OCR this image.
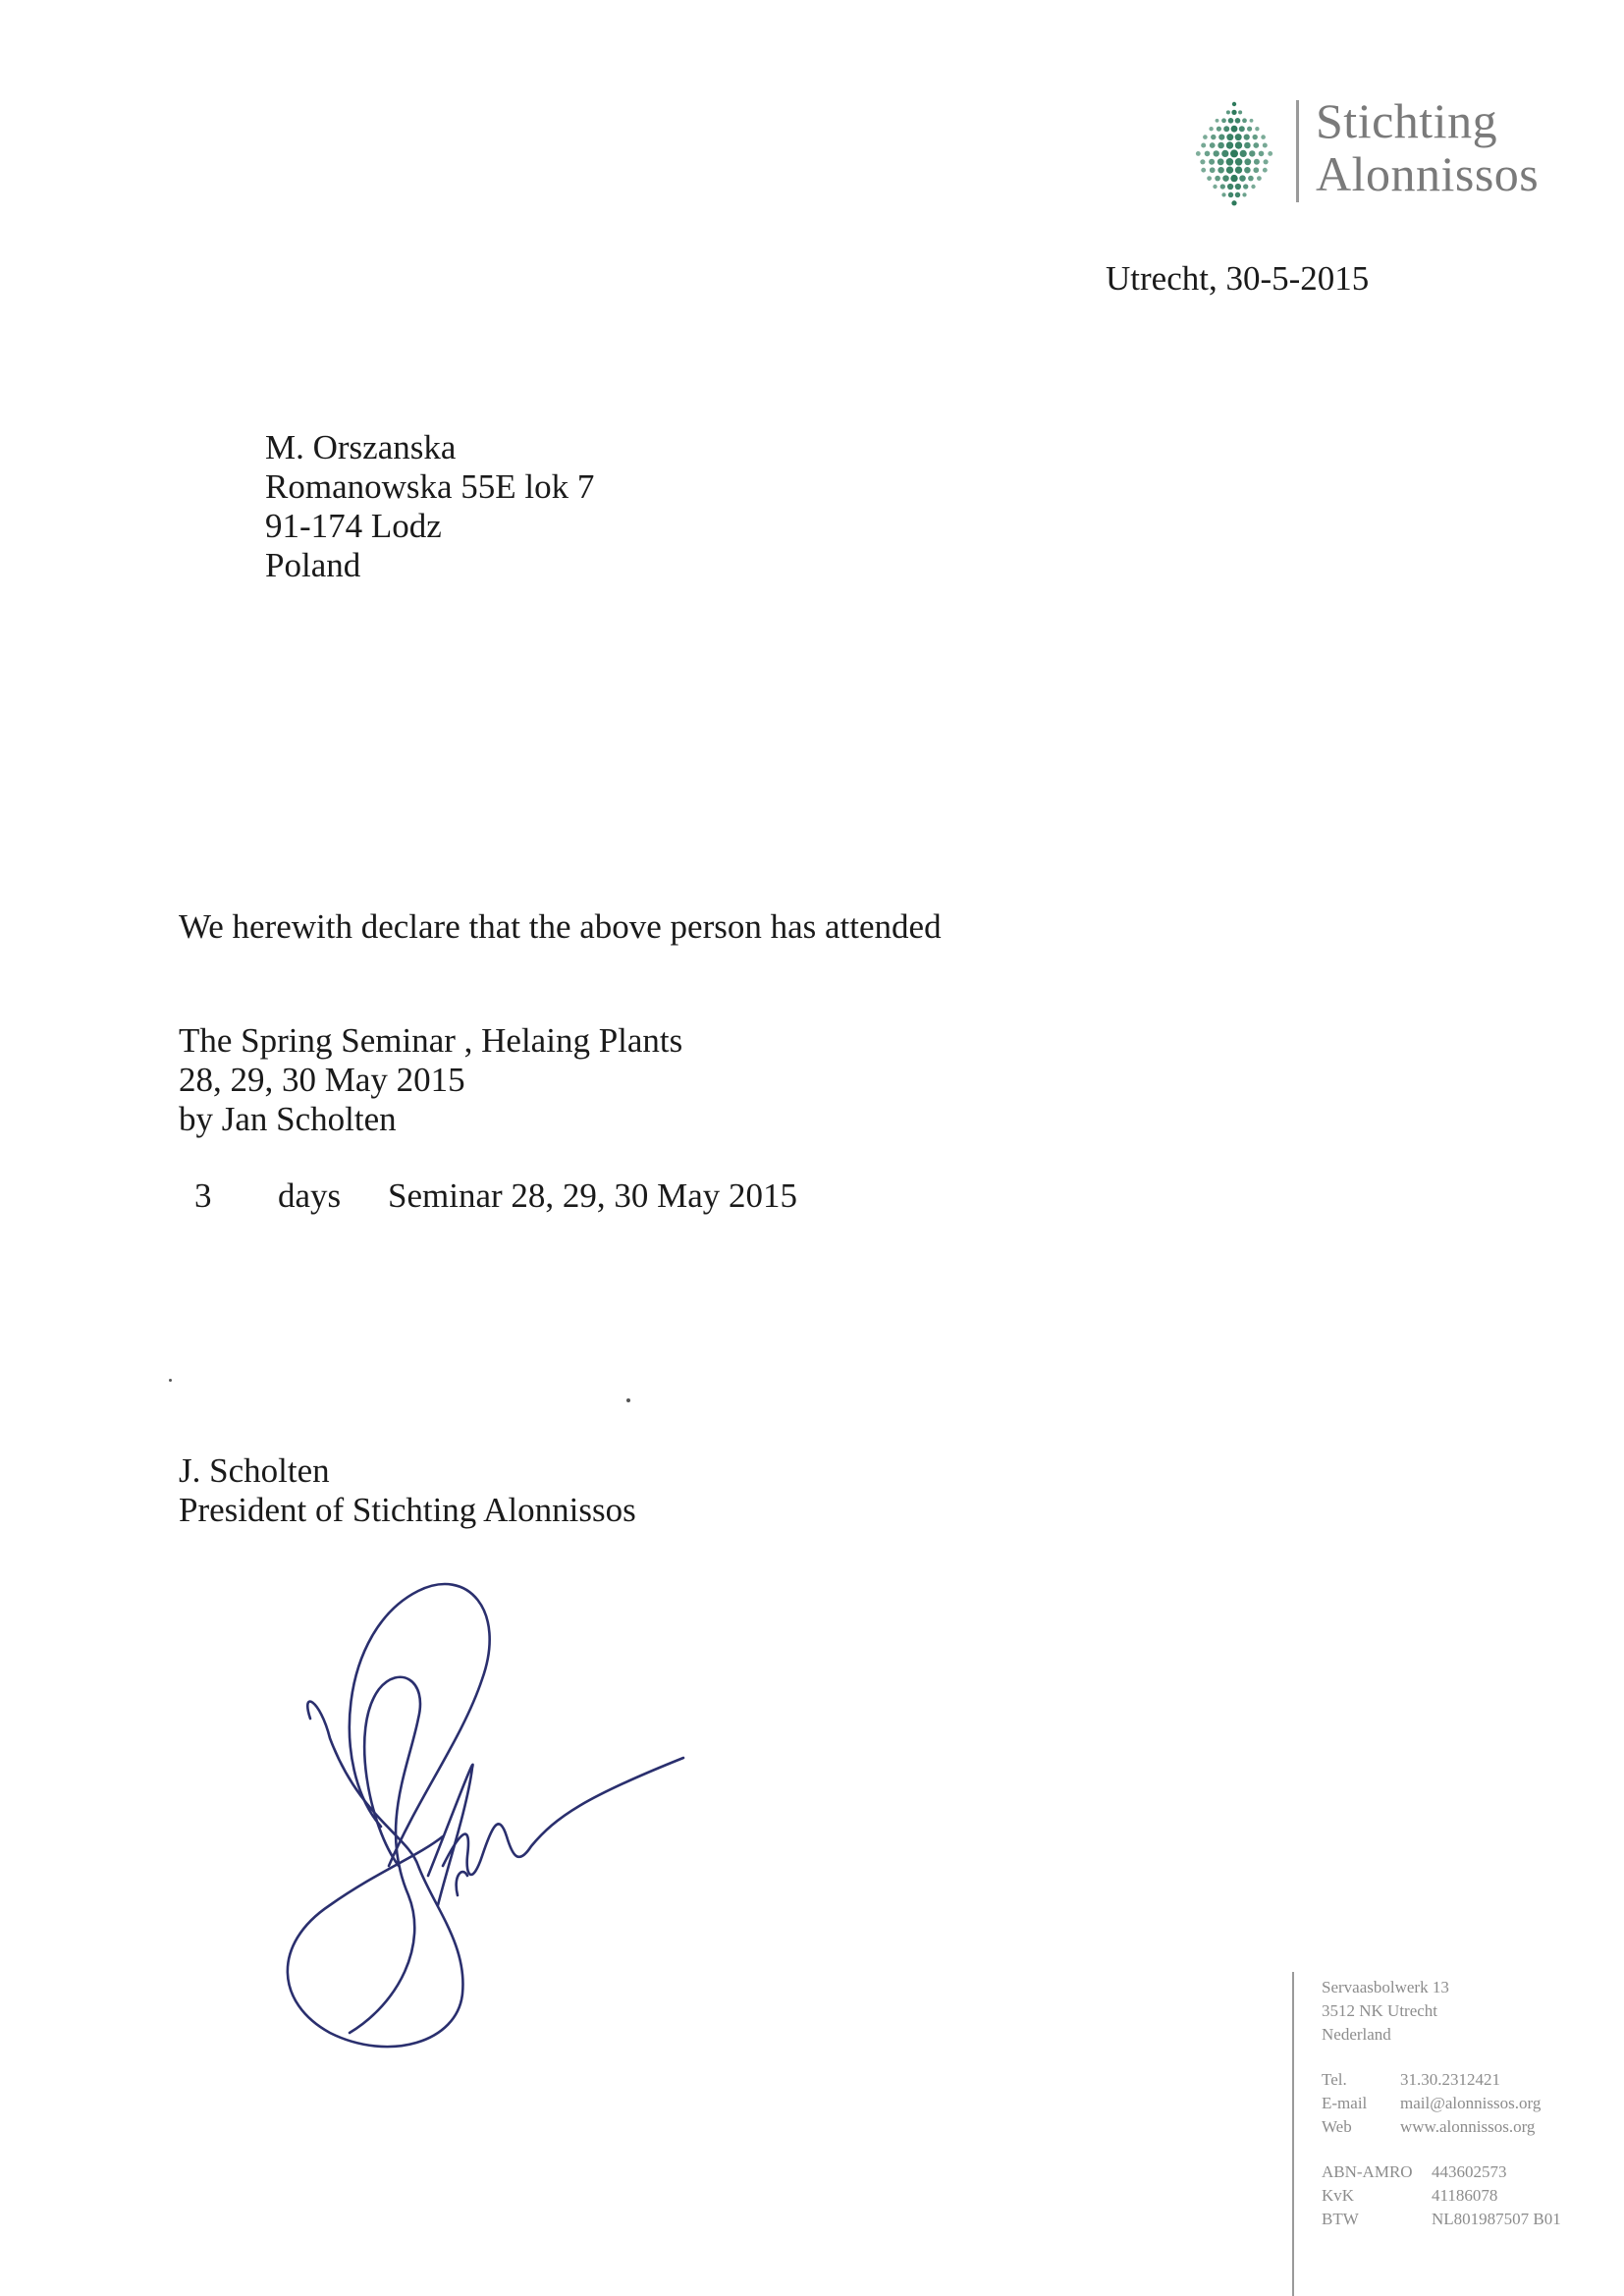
Stichting
Alonnissos
Utrecht, 30-5-2015
M. Orszanska
Romanowska 55E lok 7
91-174 Lodz
Poland
We herewith declare that the above person has attended
The Spring Seminar , Helaing Plants
28, 29, 30 May 2015
by Jan Scholten
3 days Seminar 28, 29, 30 May 2015
J. Scholten
President of Stichting Alonnissos
Servaasbolwerk 13
3512 NK Utrecht
Nederland
Tel.	31.30.2312421
E-mail mail@alonnissos.org
Web	www.alonnissos.org
ABN-AMRO 443602573
KvK	41186078
BTW	NL801987507 B01
